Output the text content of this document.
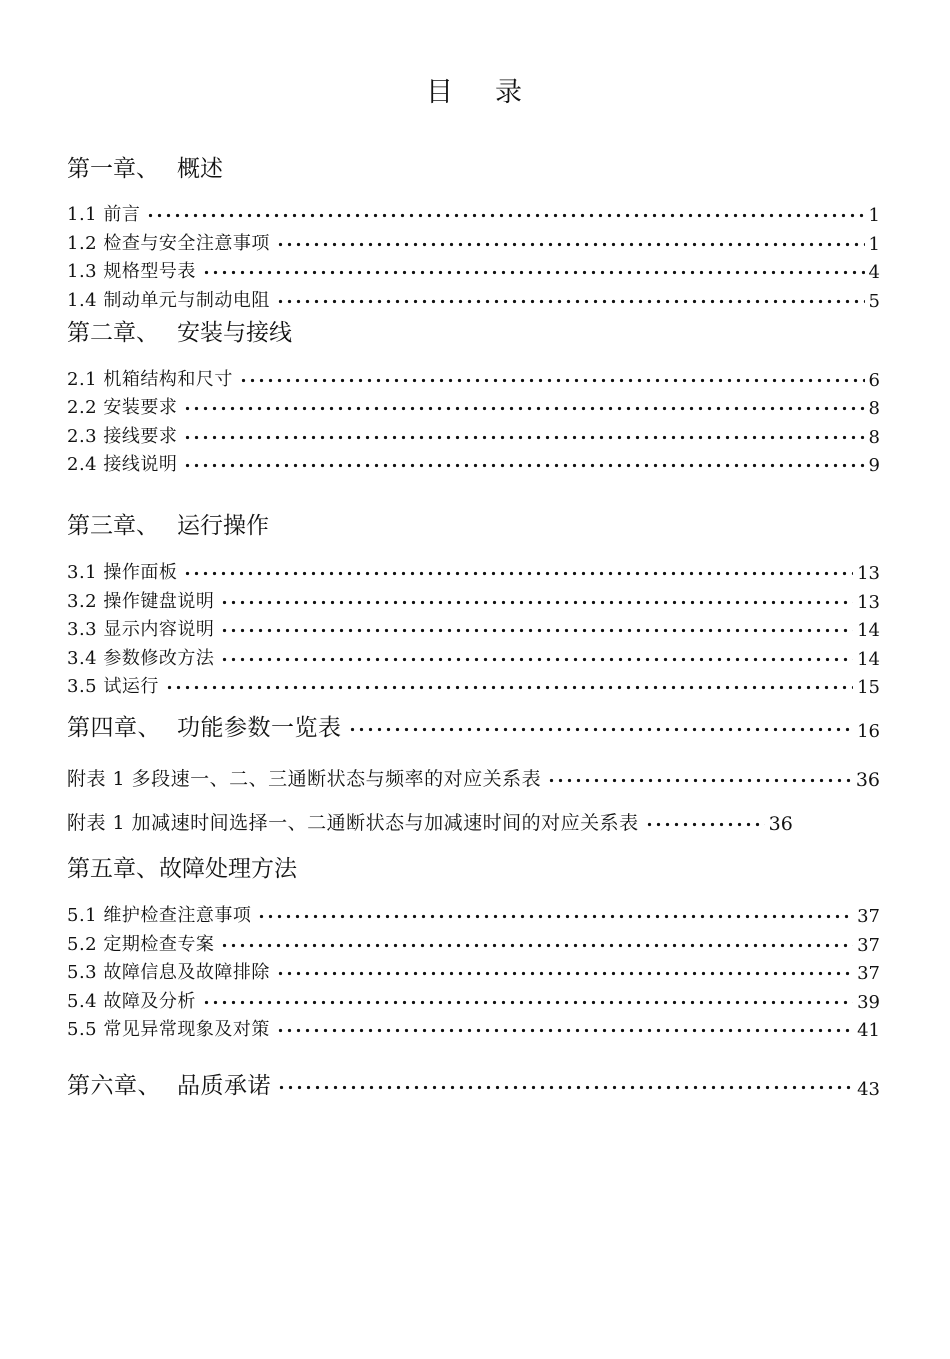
目 录
第一章、 概述
1.1 前言	1
1.2 检查与安全注意事项	1
1.3 规格型号表	4
1.4 制动单元与制动电阻	5
第二章、 安装与接线
2.1 机箱结构和尺寸	6
2.2 安装要求	8
2.3 接线要求	8
2.4 接线说明	9
第三章、 运行操作
3.1 操作面板	13
3.2 操作键盘说明	13
3.3 显示内容说明	14
3.4 参数修改方法	14
3.5 试运行	15
第四章、 功能参数一览表	16
附表 1 多段速一、二、三通断状态与频率的对应关系表	36
附表 1 加减速时间选择一、二通断状态与加减速时间的对应关系表	36
第五章、故障处理方法
5.1 维护检查注意事项	37
5.2 定期检查专案	37
5.3 故障信息及故障排除	37
5.4 故障及分析	39
5.5 常见异常现象及对策	41
第六章、 品质承诺	43
